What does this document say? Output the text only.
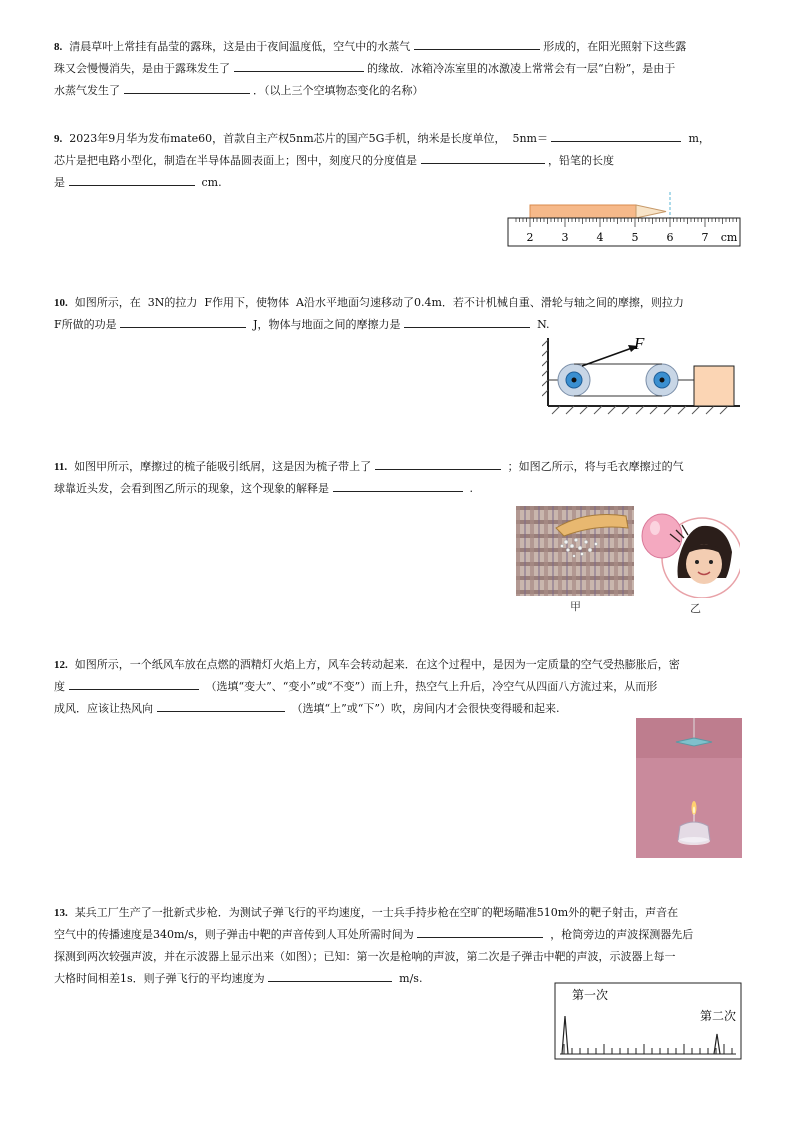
8. 清晨草叶上常挂有晶莹的露珠，这是由于夜间温度低，空气中的水蒸气	形成的，在阳光照射下这些露
珠又会慢慢消失，是由于露珠发生了	的缘故．冰箱冷冻室里的冰激凌上常常会有一层“白粉”，是由于
水蒸气发生了	．（以上三个空填物态变化的名称）
9. 2023年9月华为发布mate60，首款自主产权5nm芯片的国产5G手机，纳米是长度单位， 5nm＝	m，
芯片是把电路小型化，制造在半导体晶圆表面上；图中，刻度尺的分度值是	，铅笔的长度
是	cm.
2	3	4	5	6	7 cm
10. 如图所示，在 3N的拉力 F作用下，使物体 A沿水平地面匀速移动了0.4m．若不计机械自重、滑轮与轴之间的摩擦，则拉力
F所做的功是	J，物体与地面之间的摩擦力是	N.
F
11. 如图甲所示，摩擦过的梳子能吸引纸屑，这是因为梳子带上了	；如图乙所示，将与毛衣摩擦过的气
球靠近头发，会看到图乙所示的现象，这个现象的解释是	.
甲	乙
12. 如图所示，一个纸风车放在点燃的酒精灯火焰上方，风车会转动起来．在这个过程中，是因为一定质量的空气受热膨胀后，密
度	（选填“变大”、“变小”或“不变”）而上升，热空气上升后，冷空气从四面八方流过来，从而形
成风．应该让热风向	（选填“上”或“下”）吹，房间内才会很快变得暖和起来.
13. 某兵工厂生产了一批新式步枪．为测试子弹飞行的平均速度，一士兵手持步枪在空旷的靶场瞄准510m外的靶子射击，声音在
空气中的传播速度是340m/s，则子弹击中靶的声音传到人耳处所需时间为	，枪筒旁边的声波探测器先后
探测到两次较强声波，并在示波器上显示出来（如图）；已知：第一次是枪响的声波，第二次是子弹击中靶的声波，示波器上每一
大格时间相差1s．则子弹飞行的平均速度为	m/s.
第一次
第二次
